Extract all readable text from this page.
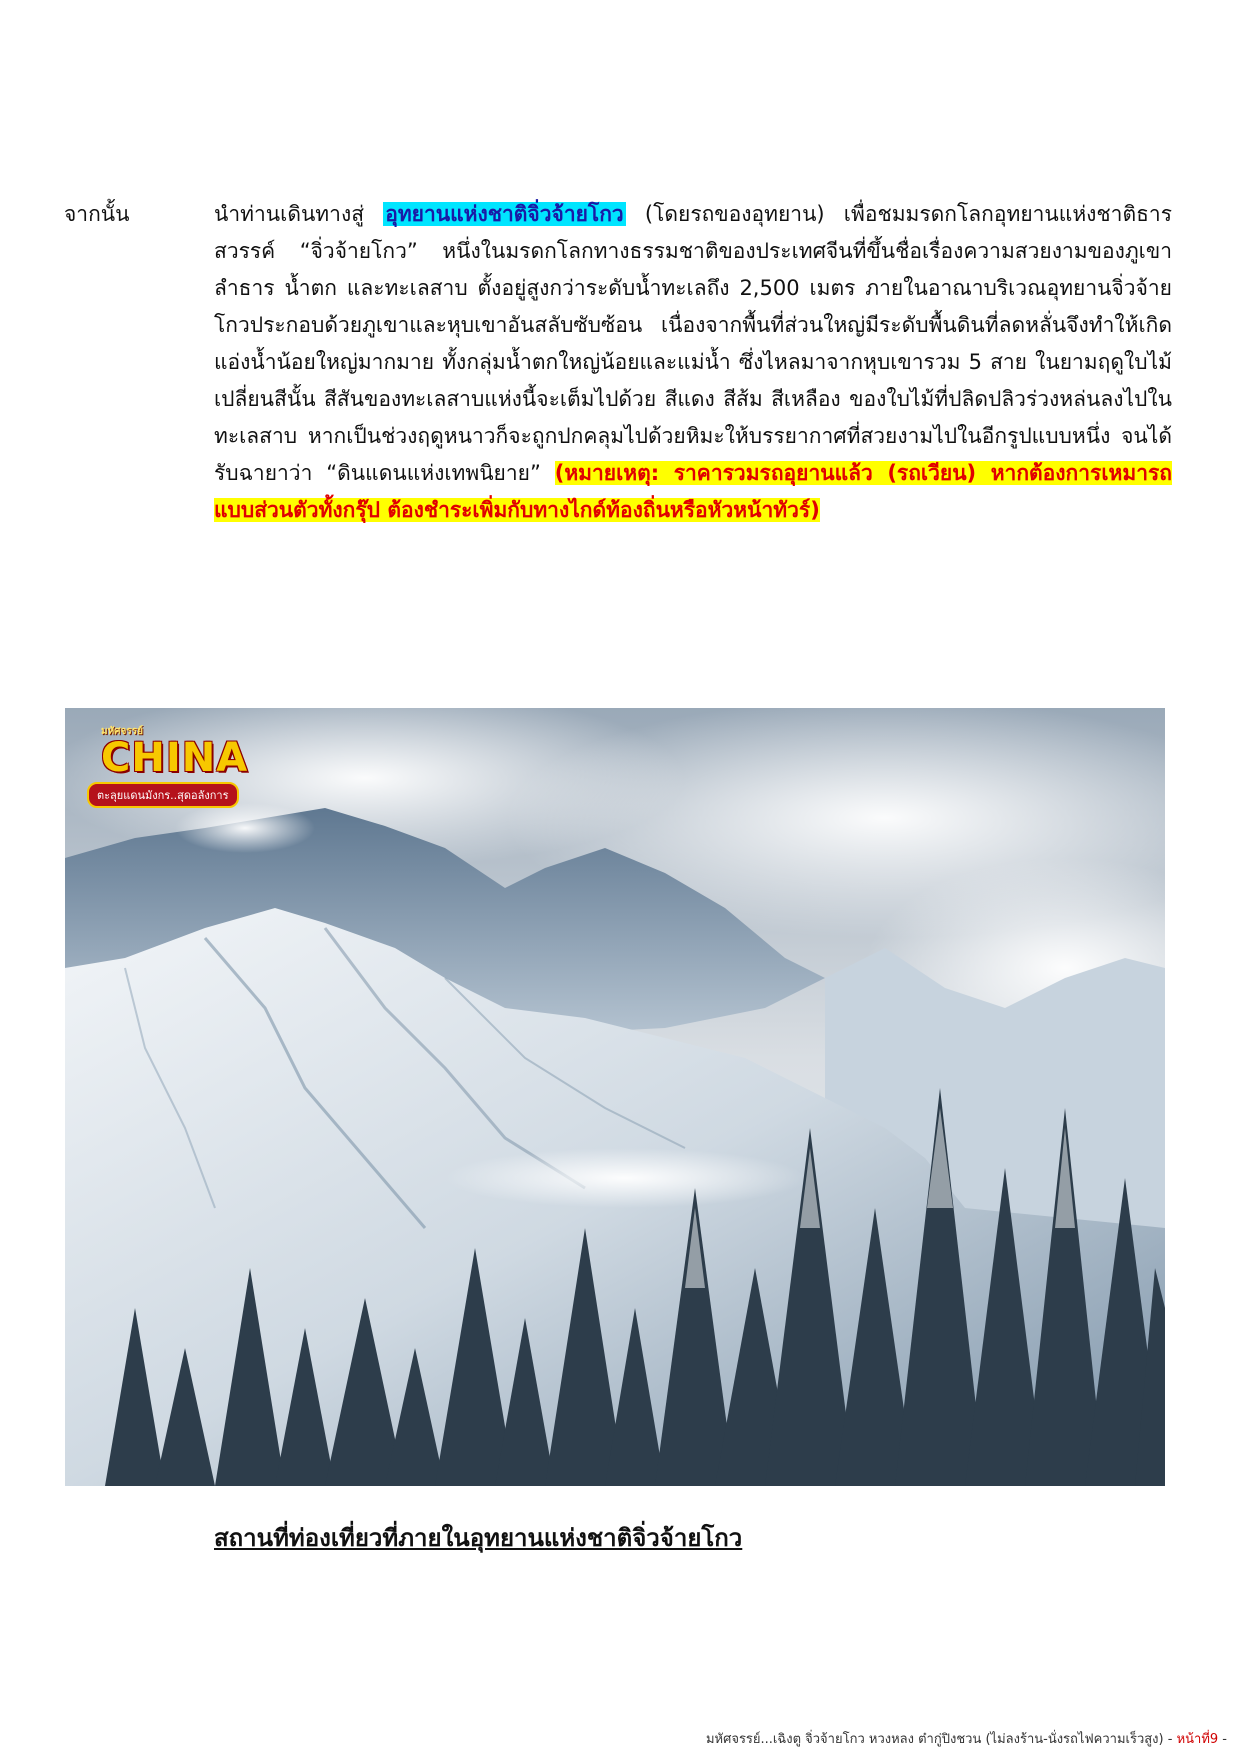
จากนั้น	นำท่านเดินทางสู่ อุทยานแห่งชาติจิ่วจ้ายโกว (โดยรถของอุทยาน) เพื่อชมมรดกโลกอุทยานแห่งชาติธารสวรรค์ “จิ่วจ้ายโกว” หนึ่งในมรดกโลกทางธรรมชาติของประเทศจีนที่ขึ้นชื่อเรื่องความสวยงามของภูเขา ลำธาร น้ำตก และทะเลสาบ ตั้งอยู่สูงกว่าระดับน้ำทะเลถึง 2,500 เมตร ภายในอาณาบริเวณอุทยานจิ่วจ้ายโกวประกอบด้วยภูเขาและหุบเขาอันสลับซับซ้อน เนื่องจากพื้นที่ส่วนใหญ่มีระดับพื้นดินที่ลดหลั่นจึงทำให้เกิดแอ่งน้ำน้อยใหญ่มากมาย ทั้งกลุ่มน้ำตกใหญ่น้อยและแม่น้ำ ซึ่งไหลมาจากหุบเขารวม 5 สาย ในยามฤดูใบไม้เปลี่ยนสีนั้น สีสันของทะเลสาบแห่งนี้จะเต็มไปด้วย สีแดง สีส้ม สีเหลือง ของใบไม้ที่ปลิดปลิวร่วงหล่นลงไปในทะเลสาบ หากเป็นช่วงฤดูหนาวก็จะถูกปกคลุมไปด้วยหิมะให้บรรยากาศที่สวยงามไปในอีกรูปแบบหนึ่ง จนได้รับฉายาว่า “ดินแดนแห่งเทพนิยาย” (หมายเหตุ: ราคารวมรถอุยานแล้ว (รถเวียน) หากต้องการเหมารถแบบส่วนตัวทั้งกรุ๊ป ต้องชำระเพิ่มกับทางไกด์ท้องถิ่นหรือหัวหน้าทัวร์)
มหัศจรรย์
CHINA
ตะลุยแดนมังกร..สุดอลังการ
สถานที่ท่องเที่ยวที่ภายในอุทยานแห่งชาติจิ่วจ้ายโกว
มหัศจรรย์...เฉิงตู จิ่วจ้ายโกว หวงหลง ต๋ากู่ปิงชวน (ไม่ลงร้าน-นั่งรถไฟความเร็วสูง) - หน้าที่9 -
